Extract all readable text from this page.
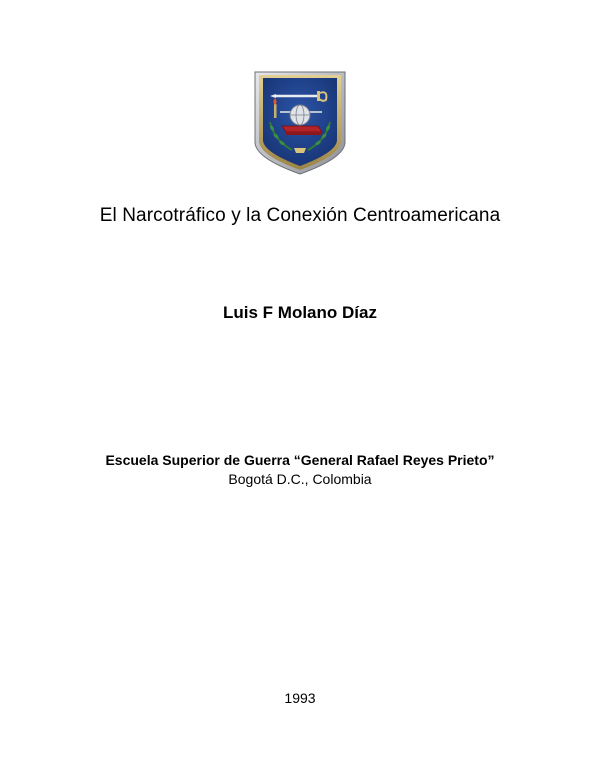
El Narcotráfico y la Conexión Centroamericana
Luis F Molano Díaz
Escuela Superior de Guerra “General Rafael Reyes Prieto”
Bogotá D.C., Colombia
1993
